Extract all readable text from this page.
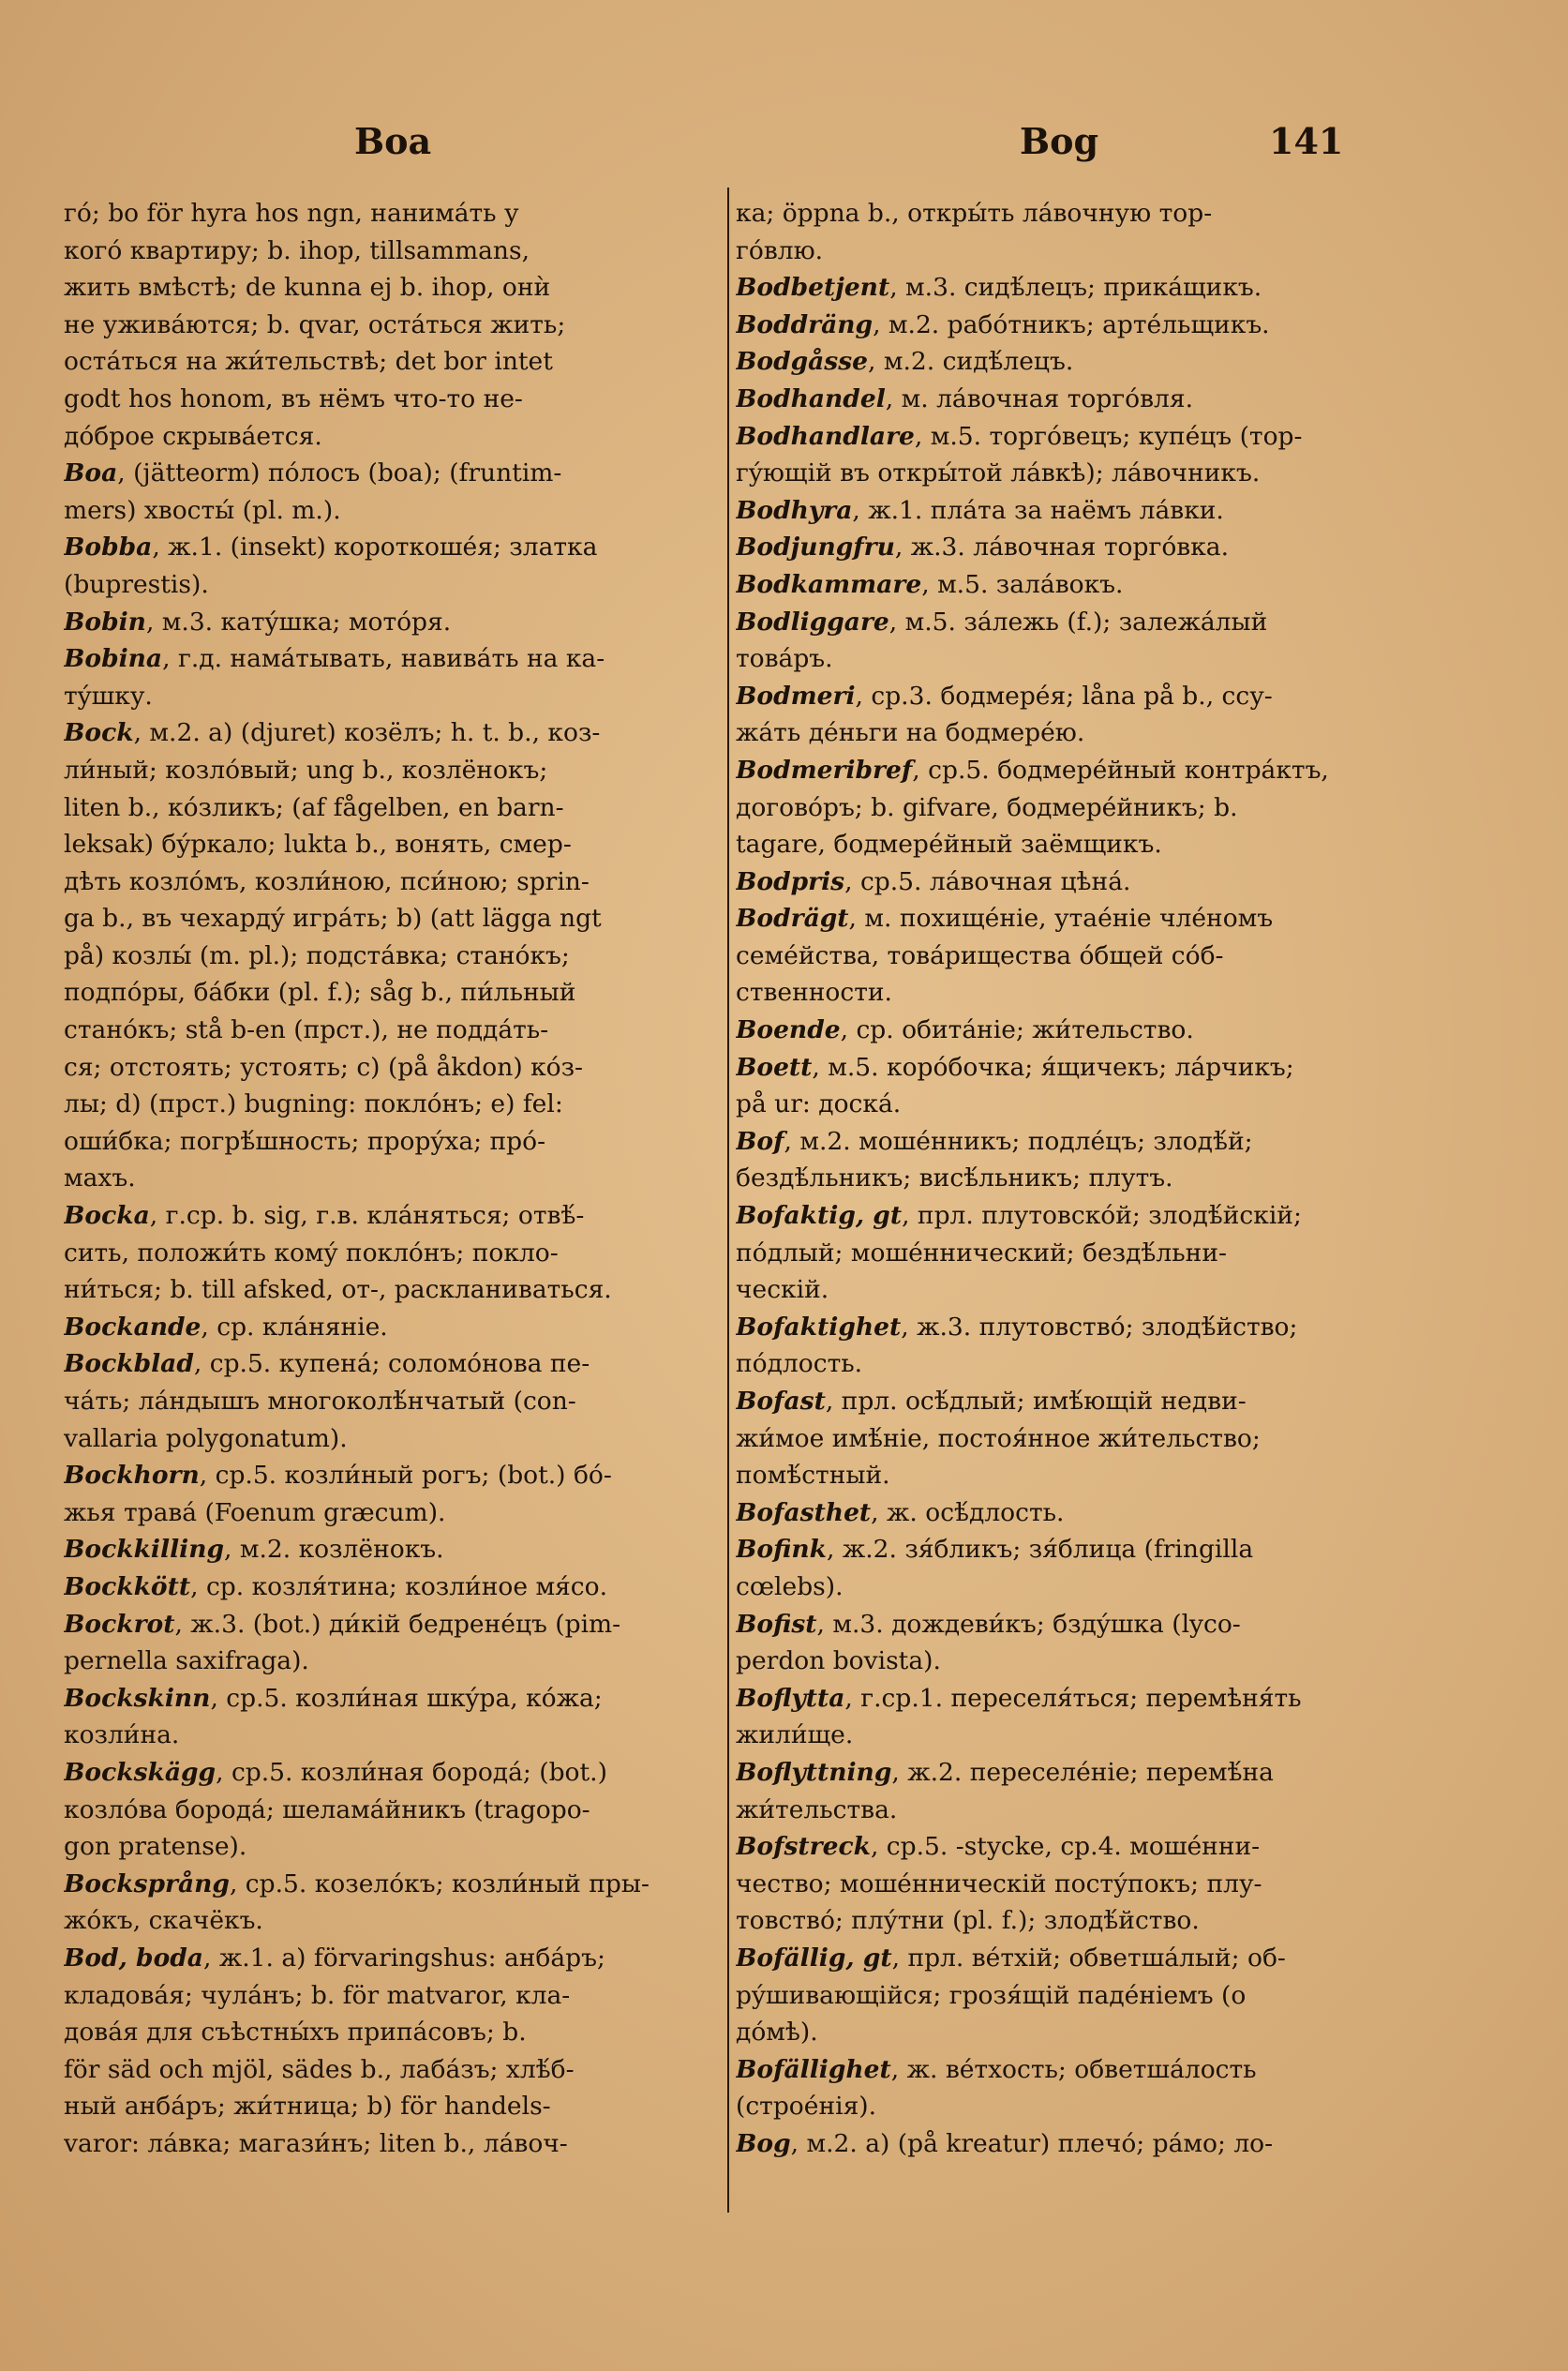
Boa	Bog	141
го́; bo för hyra hos ngn, нанимáть у
кого́ квартиру; b. ihop, tillsammans,
жить вмѣстѣ; de kunna ej b. ihop, онѝ
не ужива́ются; b. qvar, остáться жить;
остáться на жи́тельствѣ; det bor intet
godt hos honom, въ нёмъ что-то не-
до́брое скрывáется.
Boa, (jätteorm) по́лосъ (boa); (fruntim-
mers) хвосты́ (pl. m.).
Bobba, ж.1. (insekt) короткошéя; златка
(buprestis).
Bobin, м.3. катýшка; мото́ря.
Bobina, г.д. намáтывать, навивáть на ка-
тýшку.
Bock, м.2. a) (djuret) козёлъ; h. t. b., коз-
ли́ный; козло́вый; ung b., козлёнокъ;
liten b., ко́зликъ; (af fågelben, en barn-
leksak) бýркало; lukta b., вонять, смер-
дѣть козло́мъ, козли́ною, пси́ною; sprin-
ga b., въ чехардý игрáть; b) (att lägga ngt
på) козлы́ (m. pl.); подстáвка; станóкъ;
подпо́ры, бáбки (pl. f.); såg b., пи́льный
станóкъ; stå b-en (прст.), не поддáть-
ся; отстоять; устоять; c) (på åkdon) ко́з-
лы; d) (прст.) bugning: поклóнъ; e) fel:
оши́бка; погрѣ́шность; прорýха; про́-
махъ.
Bocka, г.ср. b. sig, г.в. клáняться; отвѣ́-
сить, положи́ть комý поклóнъ; покло-
ни́ться; b. till afsked, от-, раскланиваться.
Bockande, ср. клáнянiе.
Bockblad, ср.5. купенá; соломóнова пе-
чáть; лáндышъ многоколѣ́нчатый (con-
vallaria polygonatum).
Bockhorn, ср.5. козли́ный рогъ; (bot.) бó-
жья травá (Foenum græcum).
Bockkilling, м.2. козлёнокъ.
Bockkött, ср. козля́тина; козли́ное мя́со.
Bockrot, ж.3. (bot.) ди́кiй бедренéцъ (pim-
pernella saxifraga).
Bockskinn, ср.5. козли́ная шкýра, кóжа;
козли́на.
Bockskägg, ср.5. козли́ная бородá; (bot.)
козлóва бородá; шелама́йникъ (tragopo-
gon pratense).
Bocksprång, ср.5. козелóкъ; козли́ный пры-
жóкъ, скачёкъ.
Bod, boda, ж.1. a) förvaringshus: анбáръ;
кладовáя; чулáнъ; b. för matvaror, кла-
довáя для съѣстны́хъ припáсовъ; b.
för säd och mjöl, sädes b., лабáзъ; хлѣ́б-
ный анбáръ; жи́тница; b) för handels-
varor: лáвка; магази́нъ; liten b., лáвоч-
ка; öppna b., откры́ть лáвочную тор-
гóвлю.
Bodbetjent, м.3. сидѣ́лецъ; прикáщикъ.
Boddräng, м.2. рабóтникъ; артéльщикъ.
Bodgåsse, м.2. сидѣ́лецъ.
Bodhandel, м. лáвочная торгóвля.
Bodhandlare, м.5. торгóвецъ; купéцъ (тор-
гýющiй въ откры́той лáвкѣ); лáвочникъ.
Bodhyra, ж.1. плáта за наёмъ лáвки.
Bodjungfru, ж.3. лáвочная торгóвка.
Bodkammare, м.5. залáвокъ.
Bodliggare, м.5. зáлежь (f.); залежáлый
товáръ.
Bodmeri, ср.3. бодмерéя; låna på b., ссу-
жáть дéньги на бодмерéю.
Bodmeribref, ср.5. бодмерéйный контрáктъ,
договóръ; b. gifvare, бодмерéйникъ; b.
tagare, бодмерéйный заёмщикъ.
Bodpris, ср.5. лáвочная цѣнá.
Bodrägt, м. похищéнiе, утаéнiе члéномъ
семéйства, товáрищества óбщей сóб-
ственности.
Boende, ср. обитáнiе; жи́тельство.
Boett, м.5. корóбочка; я́щичекъ; лáрчикъ;
på ur: доскá.
Bof, м.2. мошéнникъ; подлéцъ; злодѣ́й;
бездѣ́льникъ; висѣ́льникъ; плутъ.
Bofaktig, gt, прл. плутовскóй; злодѣ́йскiй;
пóдлый; мошéннический; бездѣ́льни-
ческiй.
Bofaktighet, ж.3. плутовствó; злодѣ́йство;
пóдлость.
Bofast, прл. осѣ́длый; имѣ́ющiй недви-
жи́мое имѣ́нiе, постоя́нное жи́тельство;
помѣ́стный.
Bofasthet, ж. осѣ́длость.
Bofink, ж.2. зя́бликъ; зя́блица (fringilla
cœlebs).
Bofist, м.3. дождеви́къ; бздýшка (lyco-
perdon bovista).
Boflytta, г.ср.1. переселя́ться; перемѣня́ть
жили́ще.
Boflyttning, ж.2. переселéнiе; перемѣ́на
жи́тельства.
Bofstreck, ср.5. -stycke, ср.4. мошéнни-
чество; мошéнническiй постýпокъ; плу-
товствó; плýтни (pl. f.); злодѣ́йство.
Bofällig, gt, прл. вéтхiй; обветшáлый; об-
рýшивающiйся; грозя́щiй падéнiемъ (о
дóмѣ).
Bofällighet, ж. вéтхость; обветшáлость
(строéнiя).
Bog, м.2. a) (på kreatur) плечó; рáмо; ло-
